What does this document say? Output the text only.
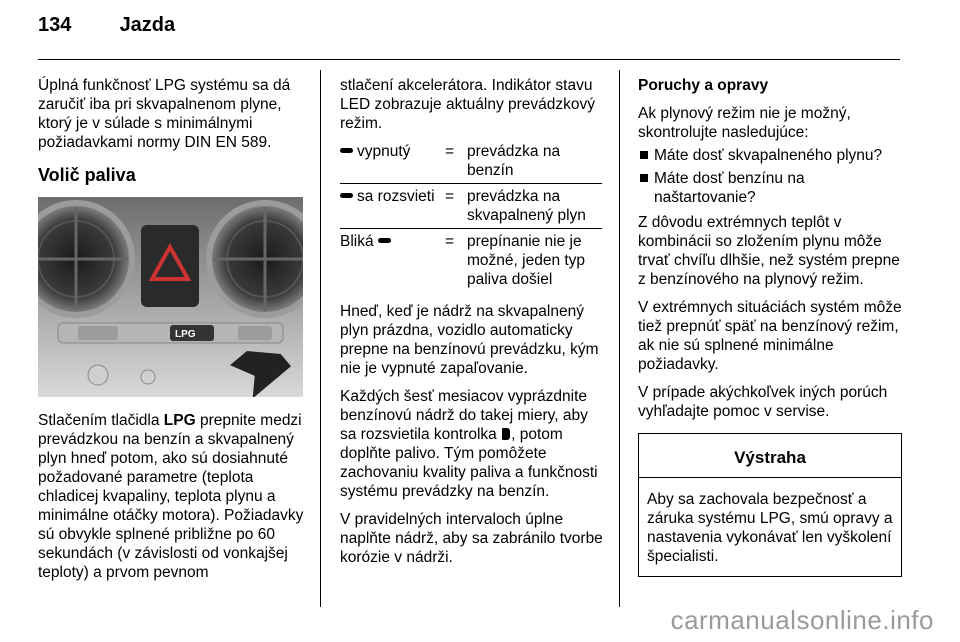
134 Jazda

Úplná funkčnosť LPG systému sa dá zaručiť iba pri skvapalnenom plyne, ktorý je v súlade s minimálnymi požiadavkami normy DIN EN 589.

Volič paliva
LPG

Stlačením tlačidla LPG prepnite medzi prevádzkou na benzín a skvapalnený plyn hneď potom, ako sú dosiahnuté požadované parametre (teplota chladicej kvapaliny, teplota plynu a minimálne otáčky motora). Požiadavky sú obvykle splnené približne po 60 sekundách (v závislosti od vonkajšej teploty) a prvom pevnom

stlačení akcelerátora. Indikátor stavu LED zobrazuje aktuálny prevádzkový režim.

vypnutý	=	prevádzka na benzín
sa rozsvieti	=	prevádzka na skvapalnený plyn
Bliká	=	prepínanie nie je možné, jeden typ paliva došiel

Hneď, keď je nádrž na skvapalnený plyn prázdna, vozidlo automaticky prepne na benzínovú prevádzku, kým nie je vypnuté zapaľovanie.

Každých šesť mesiacov vyprázdnite benzínovú nádrž do takej miery, aby sa rozsvietila kontrolka , potom doplňte palivo. Tým pomôžete zachovaniu kvality paliva a funkčnosti systému prevádzky na benzín.

V pravidelných intervaloch úplne naplňte nádrž, aby sa zabránilo tvorbe korózie v nádrži.

Poruchy a opravy

Ak plynový režim nie je možný, skontrolujte nasledujúce:

Máte dosť skvapalneného plynu?
Máte dosť benzínu na naštartovanie?

Z dôvodu extrémnych teplôt v kombinácii so zložením plynu môže trvať chvíľu dlhšie, než systém prepne z benzínového na plynový režim.

V extrémnych situáciách systém môže tiež prepnúť späť na benzínový režim, ak nie sú splnené minimálne požiadavky.

V prípade akýchkoľvek iných porúch vyhľadajte pomoc v servise.

Výstraha
Aby sa zachovala bezpečnosť a záruka systému LPG, smú opravy a nastavenia vykonávať len vyškolení špecialisti.
carmanualsonline.info
